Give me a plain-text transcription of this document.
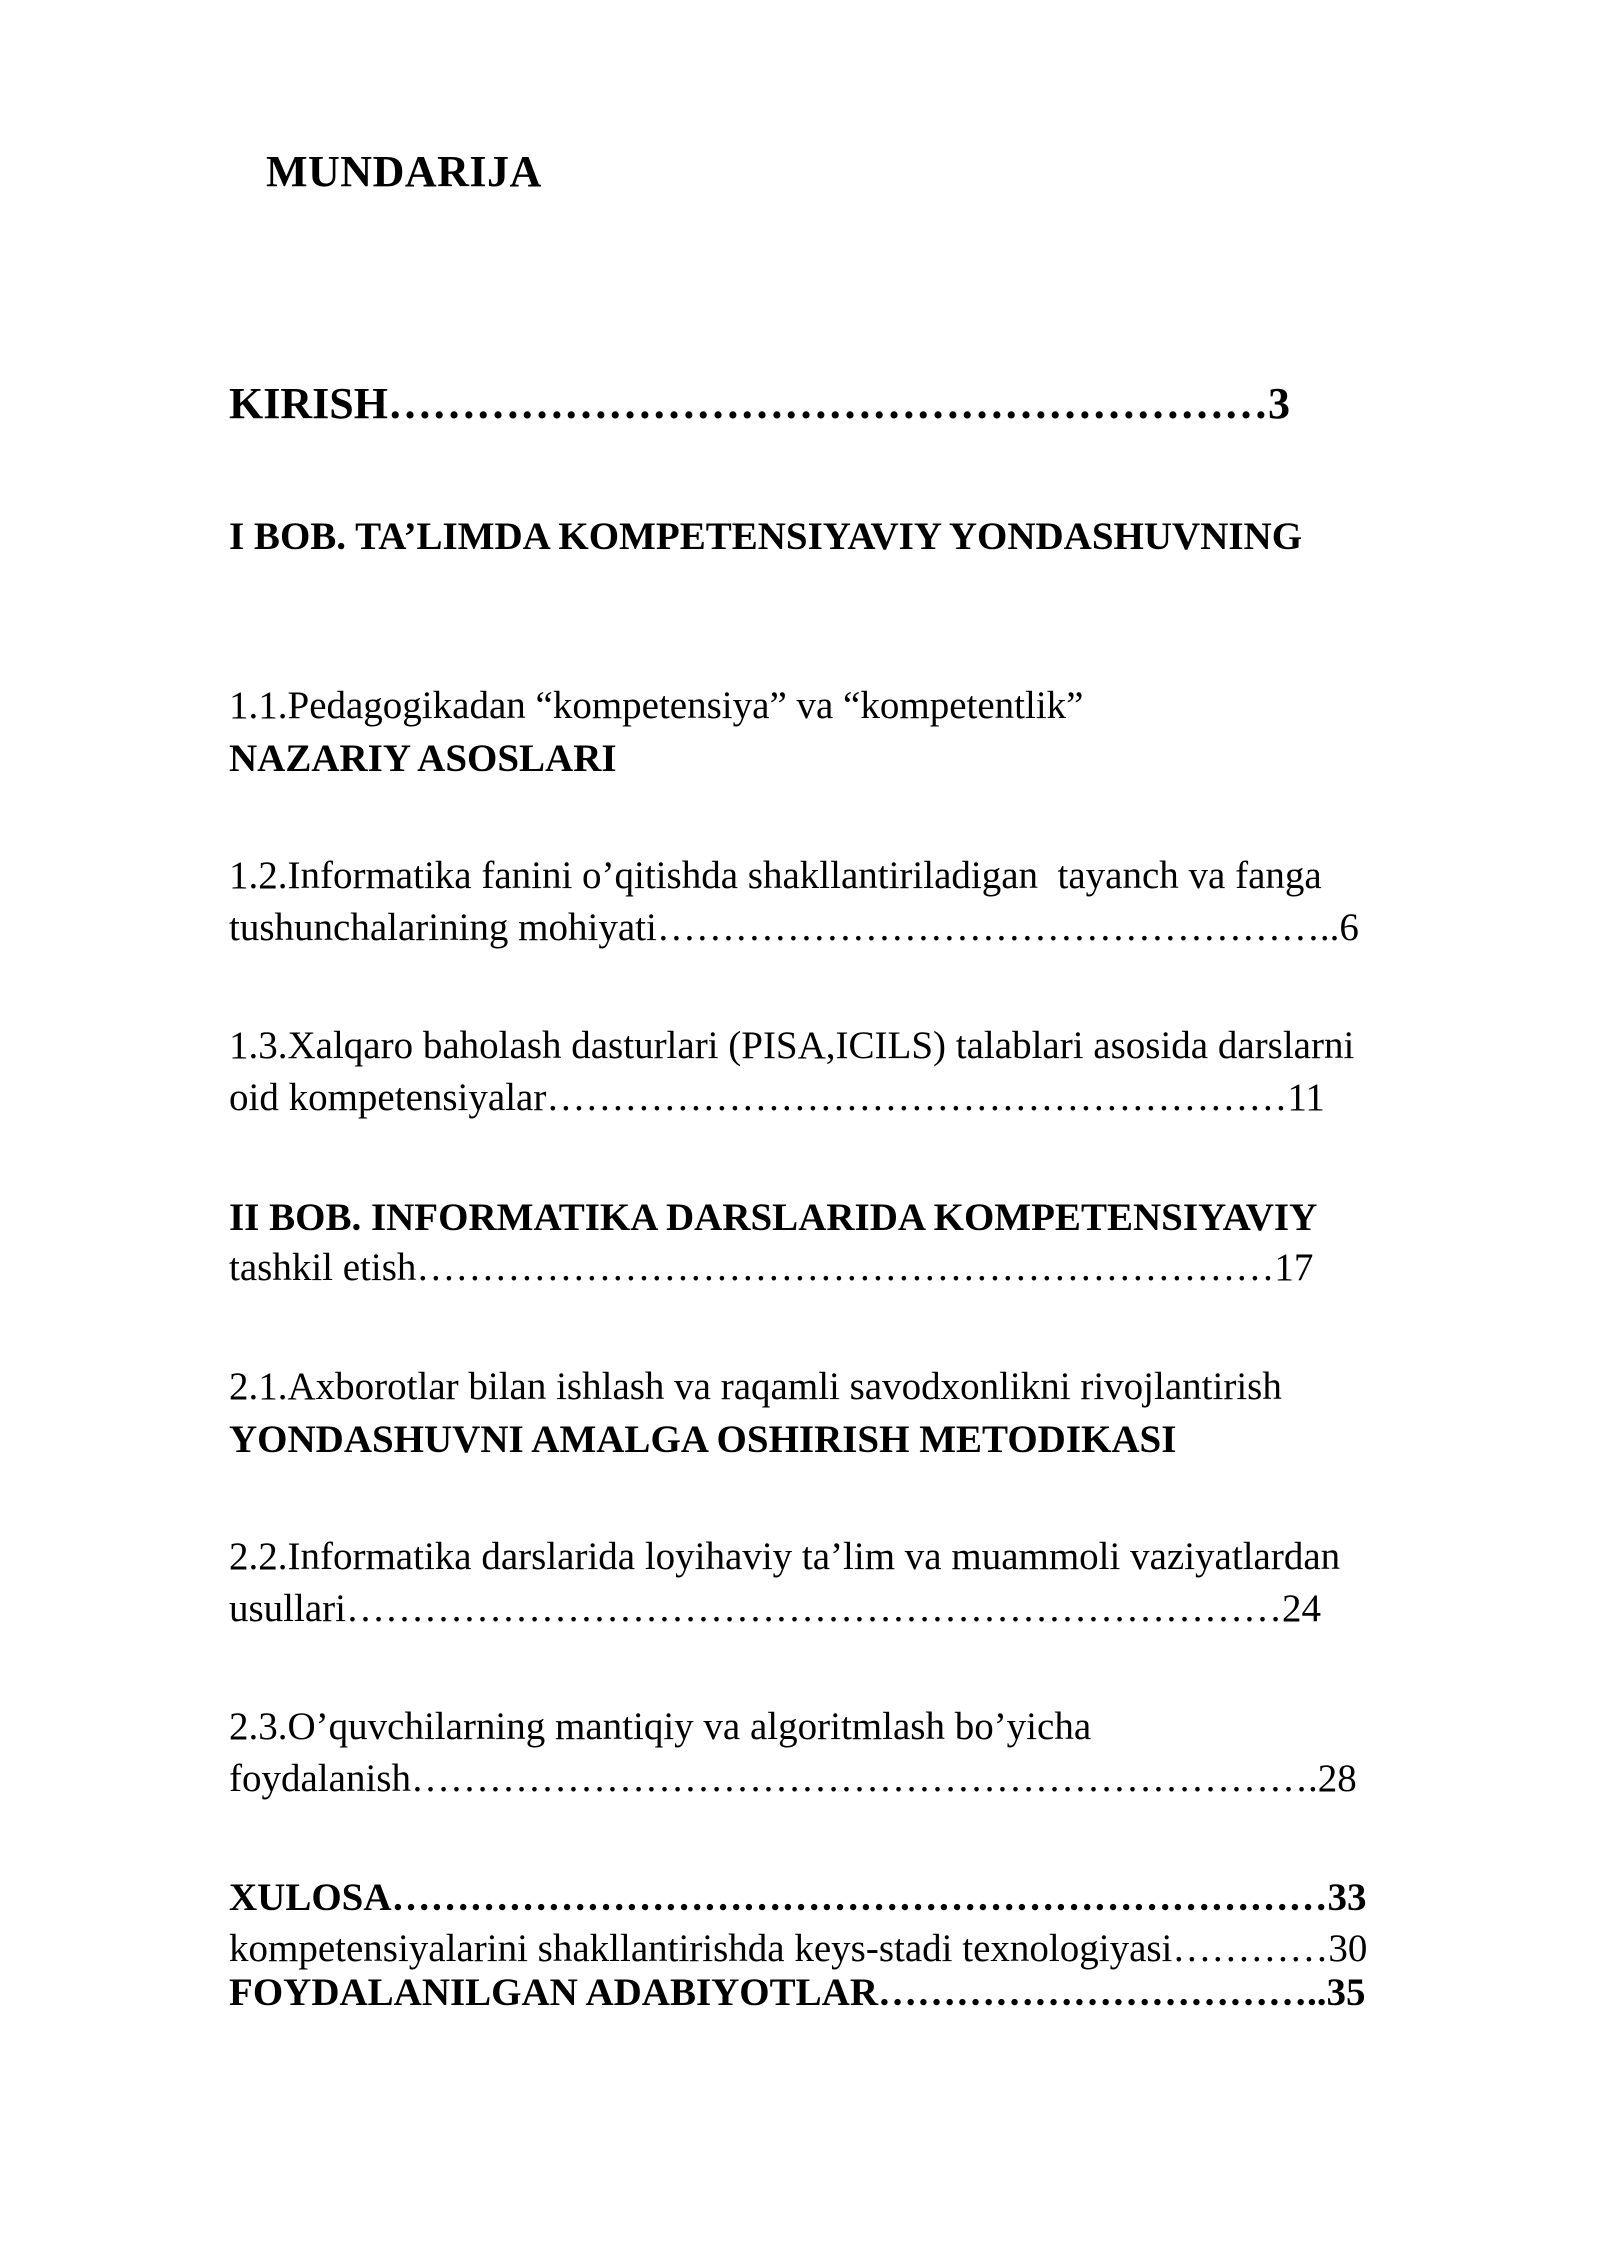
MUNDARIJA

KIRISH……………………………………………………3

I BOB. TA’LIMDA KOMPETENSIYAVIY YONDASHUVNING

NAZARIY ASOSLARI

1.1.Pedagogikadan “kompetensiya” va “kompetentlik”

tushunchalarining mohiyati……………………………………………..6

1.2.Informatika fanini o’qitishda shakllantiriladigan  tayanch va fanga

oid kompetensiyalar…………………………………………………11

1.3.Xalqaro baholash dasturlari (PISA,ICILS) talablari asosida darslarni

tashkil etish…………………………………………………………17

II BOB. INFORMATIKA DARSLARIDA KOMPETENSIYAVIY

YONDASHUVNI AMALGA OSHIRISH METODIKASI

2.1.Axborotlar bilan ishlash va raqamli savodxonlikni rivojlantirish

usullari………………………………………………………………24

2.2.Informatika darslarida loyihaviy ta’lim va muammoli vaziyatlardan

foydalanish…………………………………………………………….28

2.3.O’quvchilarning mantiqiy va algoritmlash bo’yicha

kompetensiyalarini shakllantirishda keys-stadi texnologiyasi…………30

XULOSA………………………………………………………………33

FOYDALANILGAN ADABIYOTLAR……………………………..35
